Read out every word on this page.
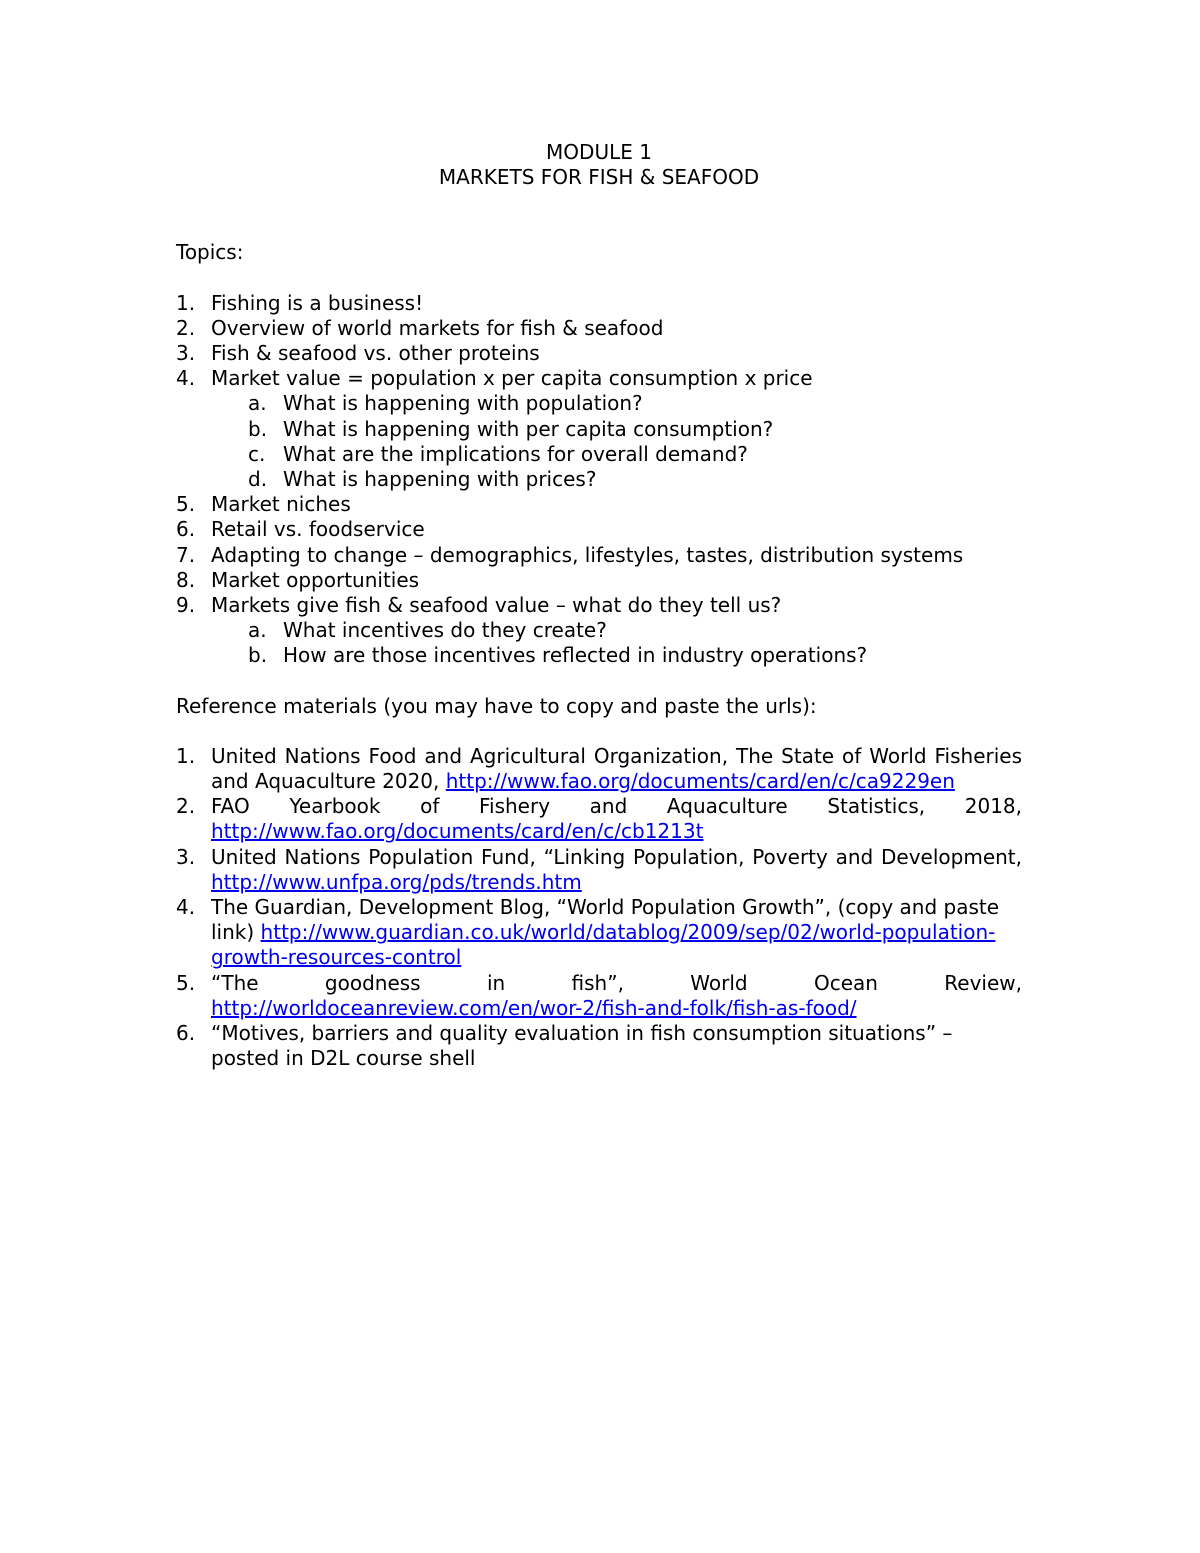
MODULE 1

MARKETS FOR FISH & SEAFOOD

Topics:

1. Fishing is a business!
2. Overview of world markets for fish & seafood
3. Fish & seafood vs. other proteins
4. Market value = population x per capita consumption x price
a. What is happening with population?
b. What is happening with per capita consumption?
c. What are the implications for overall demand?
d. What is happening with prices?
5. Market niches
6. Retail vs. foodservice
7. Adapting to change – demographics, lifestyles, tastes, distribution systems
8. Market opportunities
9. Markets give fish & seafood value – what do they tell us?
a. What incentives do they create?
b. How are those incentives reflected in industry operations?

Reference materials (you may have to copy and paste the urls):

1. United Nations Food and Agricultural Organization, The State of World Fisheries and Aquaculture 2020, http://www.fao.org/documents/card/en/c/ca9229en
2. FAO Yearbook of Fishery and Aquaculture Statistics, 2018, http://www.fao.org/documents/card/en/c/cb1213t
3. United Nations Population Fund, “Linking Population, Poverty and Development, http://www.unfpa.org/pds/trends.htm
4. The Guardian, Development Blog, “World Population Growth”, (copy and paste link) http://www.guardian.co.uk/world/datablog/2009/sep/02/world-population-growth-resources-control
5. “The goodness in fish”, World Ocean Review, http://worldoceanreview.com/en/wor-2/fish-and-folk/fish-as-food/
6. “Motives, barriers and quality evaluation in fish consumption situations” – posted in D2L course shell
